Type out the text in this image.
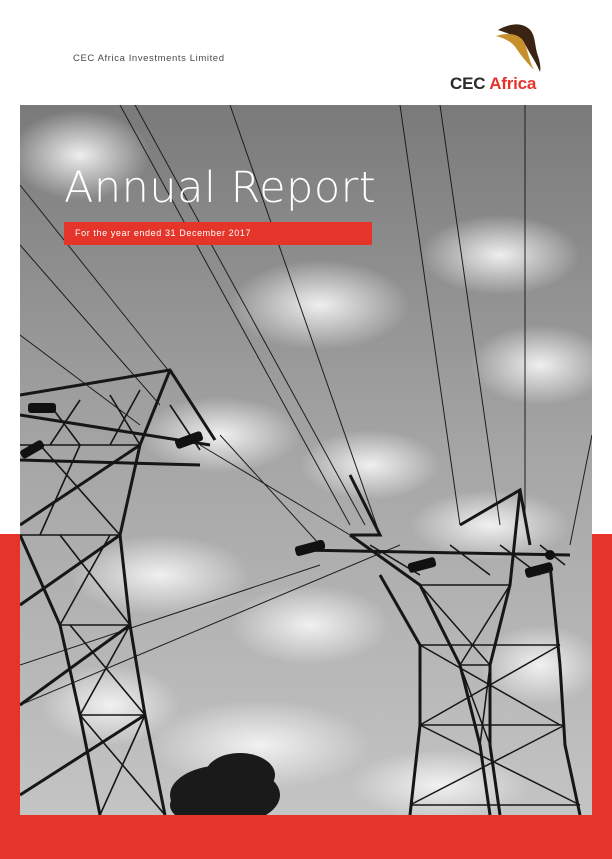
CEC Africa Investments Limited
CEC Africa
Annual Report
For the year ended 31 December 2017
